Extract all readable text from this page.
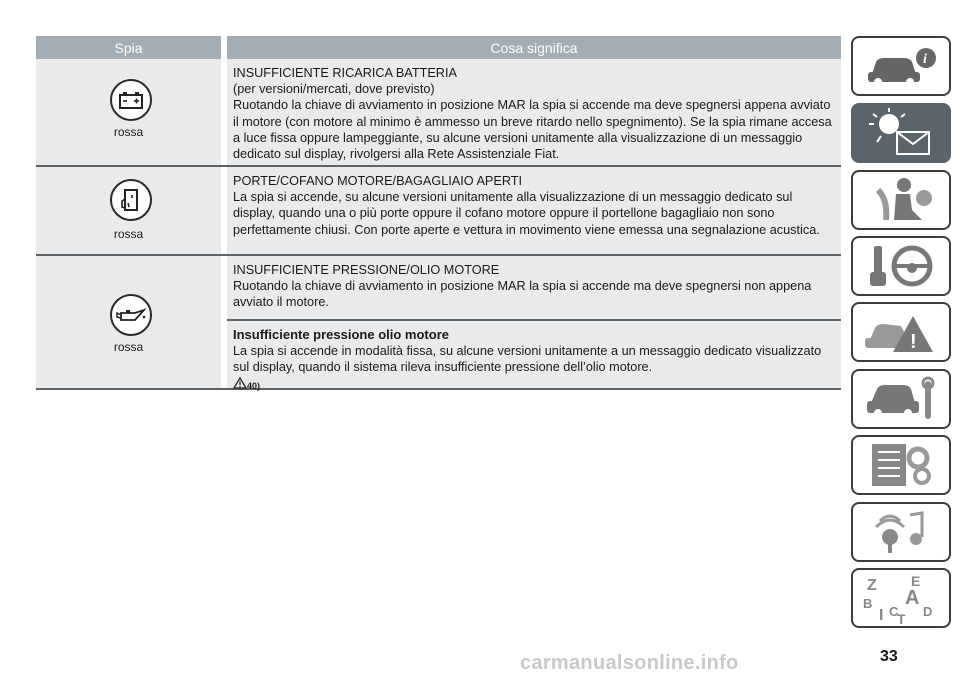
Spia	Cosa significa
rossa
INSUFFICIENTE RICARICA BATTERIA
(per versioni/mercati, dove previsto)
Ruotando la chiave di avviamento in posizione MAR la spia si accende ma deve spegnersi appena avviato il motore (con motore al minimo è ammesso un breve ritardo nello spegnimento). Se la spia rimane accesa a luce fissa oppure lampeggiante, su alcune versioni unitamente alla visualizzazione di un messaggio dedicato sul display, rivolgersi alla Rete Assistenziale Fiat.
rossa
PORTE/COFANO MOTORE/BAGAGLIAIO APERTI
La spia si accende, su alcune versioni unitamente alla visualizzazione di un messaggio dedicato sul display, quando una o più porte oppure il cofano motore oppure il portellone bagagliaio non sono perfettamente chiusi. Con porte aperte e vettura in movimento viene emessa una segnalazione acustica.
rossa
INSUFFICIENTE PRESSIONE/OLIO MOTORE
Ruotando la chiave di avviamento in posizione MAR la spia si accende ma deve spegnersi non appena avviato il motore.
Insufficiente pressione olio motore
La spia si accende in modalità fissa, su alcune versioni unitamente a un messaggio dedicato visualizzato sul display, quando il sistema rileva insufficiente pressione dell’olio motore.
40)
i
!
Z E
B A
I C
T D
33
carmanualsonline.info
